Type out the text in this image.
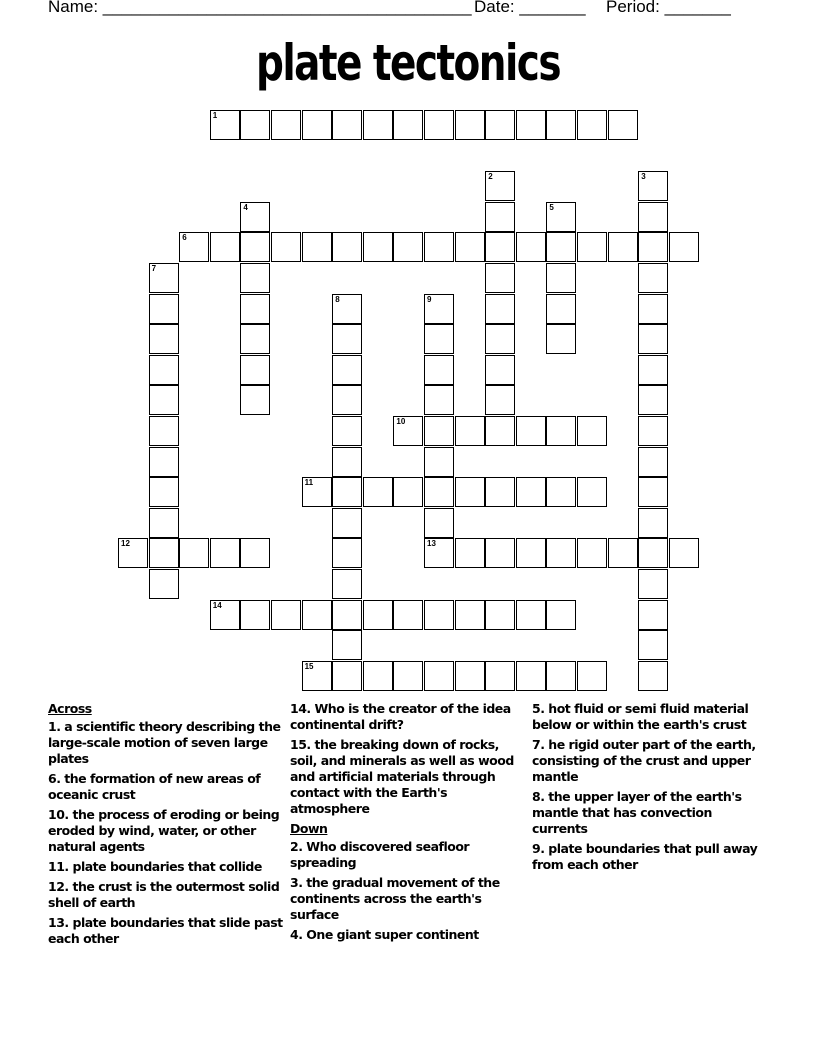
Name: _______________________________________

Date: _______

Period: _______

plate tectonics
1
2	3
4	5
6
7
8	9
10
11
12	13
14
15
Across
1. a scientific theory describing the large-scale motion of seven large plates
6. the formation of new areas of oceanic crust
10. the process of eroding or being eroded by wind, water, or other natural agents
11. plate boundaries that collide
12. the crust is the outermost solid shell of earth
13. plate boundaries that slide past each other
14. Who is the creator of the idea continental drift?
15. the breaking down of rocks, soil, and minerals as well as wood and artificial materials through contact with the Earth's atmosphere
Down
2. Who discovered seafloor spreading
3. the gradual movement of the continents across the earth's surface
4. One giant super continent
5. hot fluid or semi fluid material below or within the earth's crust
7. he rigid outer part of the earth, consisting of the crust and upper mantle
8. the upper layer of the earth's mantle that has convection currents
9. plate boundaries that pull away from each other
